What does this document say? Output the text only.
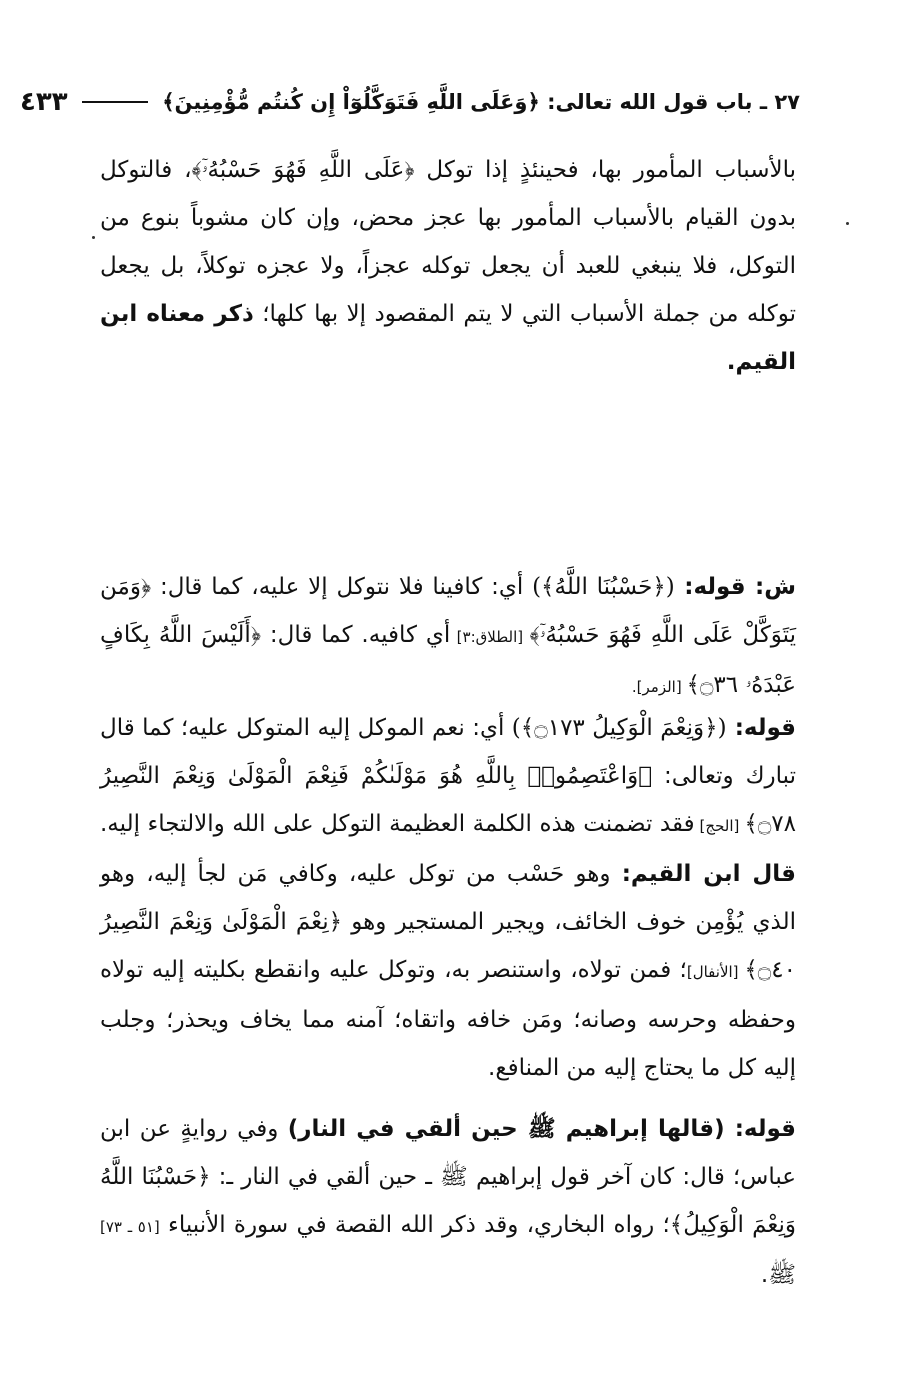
٢٧ ـ باب قول الله تعالى: ﴿وَعَلَى اللَّهِ فَتَوَكَّلُوٓاْ إِن كُنتُم مُّؤْمِنِينَ﴾
٤٣٣

بالأسباب المأمور بها، فحينئذٍ إذا توكل ﴿عَلَى اللَّهِ فَهُوَ حَسْبُهُۥٓ﴾، فالتوكل بدون القيام بالأسباب المأمور بها عجز محض، وإن كان مشوباً بنوع من التوكل، فلا ينبغي للعبد أن يجعل توكله عجزاً، ولا عجزه توكلاً، بل يجعل توكله من جملة الأسباب التي لا يتم المقصود إلا بها كلها؛ ذكر معناه ابن القيم.

ش: قوله: (﴿حَسْبُنَا اللَّهُ﴾) أي: كافينا فلا نتوكل إلا عليه، كما قال: ﴿وَمَن يَتَوَكَّلْ عَلَى اللَّهِ فَهُوَ حَسْبُهُۥٓ﴾ [الطلاق:٣] أي كافيه. كما قال: ﴿أَلَيْسَ اللَّهُ بِكَافٍ عَبْدَهُۥ ۝٣٦﴾ [الزمر].

قوله: (﴿وَنِعْمَ الْوَكِيلُ ۝١٧٣﴾) أي: نعم الموكل إليه المتوكل عليه؛ كما قال تبارك وتعالى: ﴿وَاعْتَصِمُوا۟ بِاللَّهِ هُوَ مَوْلَىٰكُمْ فَنِعْمَ الْمَوْلَىٰ وَنِعْمَ النَّصِيرُ ۝٧٨﴾ [الحج] فقد تضمنت هذه الكلمة العظيمة التوكل على الله والالتجاء إليه. قال ابن القيم: وهو حَسْب من توكل عليه، وكافي مَن لجأ إليه، وهو الذي يُؤْمِن خوف الخائف، ويجير المستجير وهو ﴿نِعْمَ الْمَوْلَىٰ وَنِعْمَ النَّصِيرُ ۝٤٠﴾ [الأنفال]؛ فمن تولاه، واستنصر به، وتوكل عليه وانقطع بكليته إليه تولاه وحفظه وحرسه وصانه؛ ومَن خافه واتقاه؛ آمنه مما يخاف ويحذر؛ وجلب إليه كل ما يحتاج إليه من المنافع.

قوله: (قالها إبراهيم ﷺ حين ألقي في النار) وفي روايةٍ عن ابن عباس؛ قال: كان آخر قول إبراهيم ﷺ ـ حين ألقي في النار ـ: ﴿حَسْبُنَا اللَّهُ وَنِعْمَ الْوَكِيلُ﴾؛ رواه البخاري، وقد ذكر الله القصة في سورة الأنبياء [٥١ ـ ٧٣] ﷺ.
